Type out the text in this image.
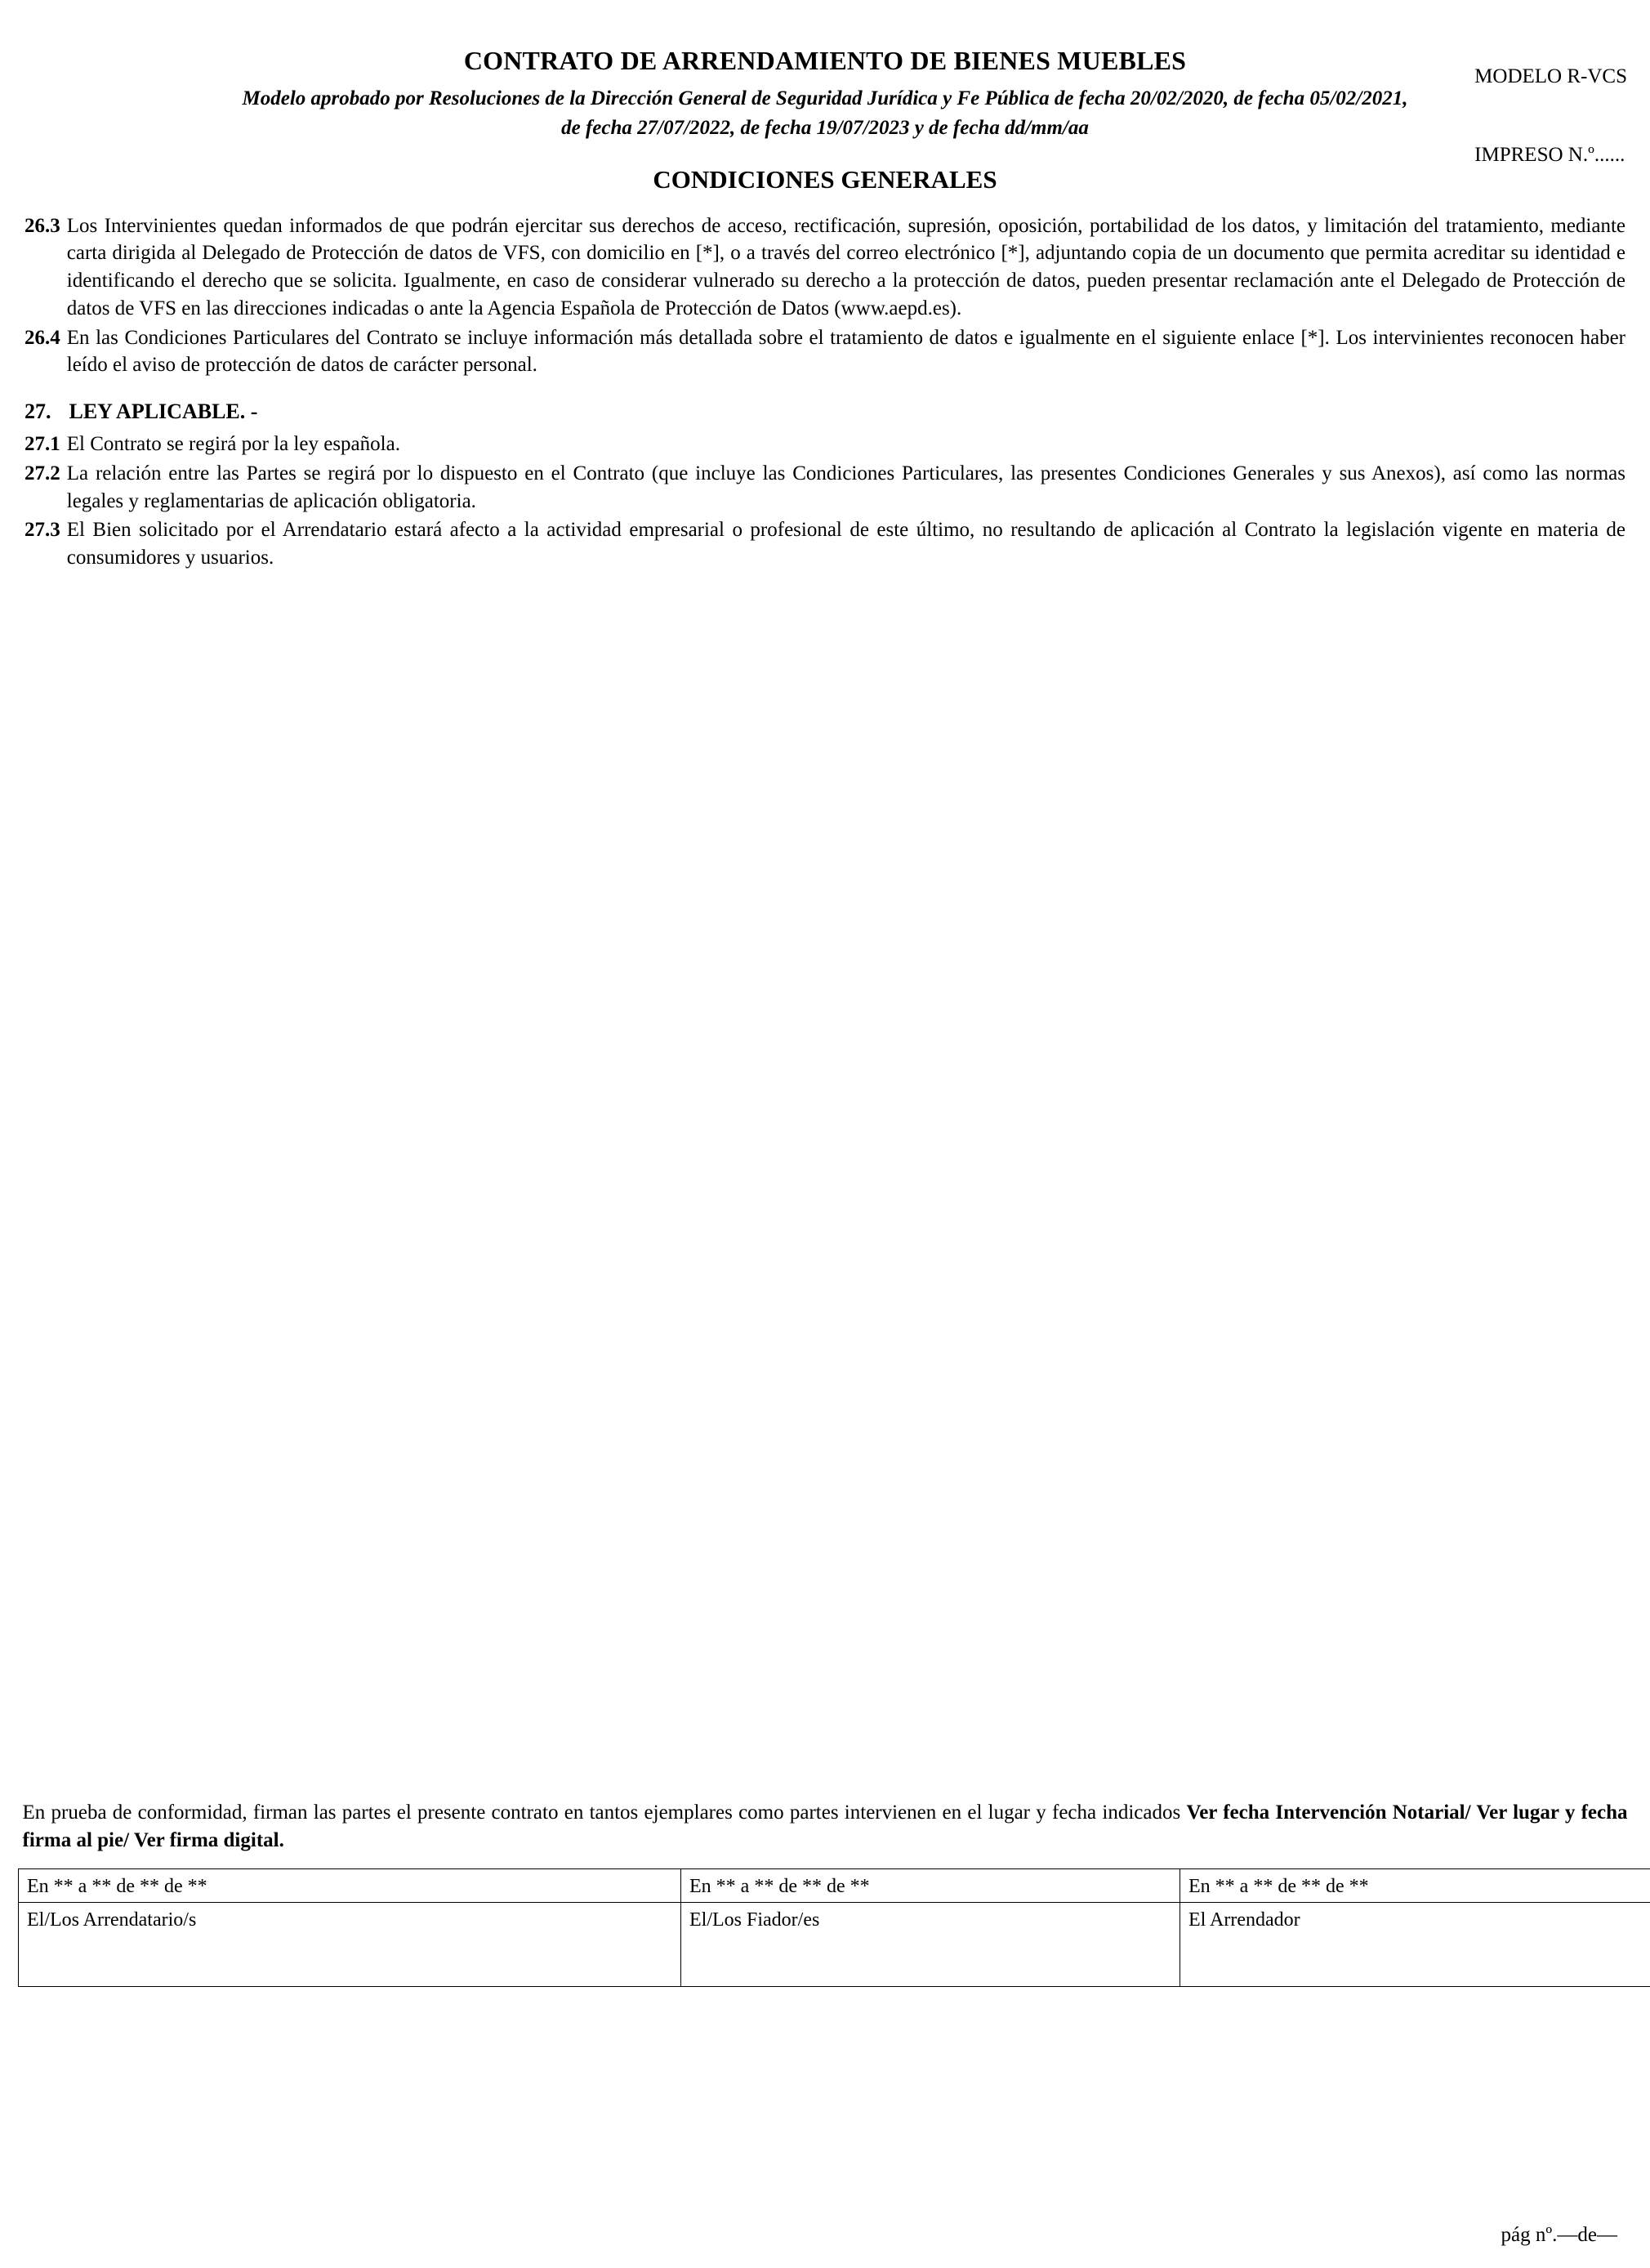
MODELO R-VCS

IMPRESO N.º......

CONTRATO DE ARRENDAMIENTO DE BIENES MUEBLES
Modelo aprobado por Resoluciones de la Dirección General de Seguridad Jurídica y Fe Pública de fecha 20/02/2020, de fecha 05/02/2021,
de fecha 27/07/2022, de fecha 19/07/2023 y de fecha dd/mm/aa
CONDICIONES GENERALES
26.3 Los Intervinientes quedan informados de que podrán ejercitar sus derechos de acceso, rectificación, supresión, oposición, portabilidad de los datos, y limitación del tratamiento, mediante carta dirigida al Delegado de Protección de datos de VFS, con domicilio en [*], o a través del correo electrónico [*], adjuntando copia de un documento que permita acreditar su identidad e identificando el derecho que se solicita. Igualmente, en caso de considerar vulnerado su derecho a la protección de datos, pueden presentar reclamación ante el Delegado de Protección de datos de VFS en las direcciones indicadas o ante la Agencia Española de Protección de Datos (www.aepd.es).
26.4 En las Condiciones Particulares del Contrato se incluye información más detallada sobre el tratamiento de datos e igualmente en el siguiente enlace [*]. Los intervinientes reconocen haber leído el aviso de protección de datos de carácter personal.
27. LEY APLICABLE. -
27.1 El Contrato se regirá por la ley española.
27.2 La relación entre las Partes se regirá por lo dispuesto en el Contrato (que incluye las Condiciones Particulares, las presentes Condiciones Generales y sus Anexos), así como las normas legales y reglamentarias de aplicación obligatoria.
27.3 El Bien solicitado por el Arrendatario estará afecto a la actividad empresarial o profesional de este último, no resultando de aplicación al Contrato la legislación vigente en materia de consumidores y usuarios.
En prueba de conformidad, firman las partes el presente contrato en tantos ejemplares como partes intervienen en el lugar y fecha indicados Ver fecha Intervención Notarial/ Ver lugar y fecha firma al pie/ Ver firma digital.
En ** a ** de ** de **	En ** a ** de ** de **	En ** a ** de ** de **
El/Los Arrendatario/s	El/Los Fiador/es	El Arrendador
pág nº.—de—
